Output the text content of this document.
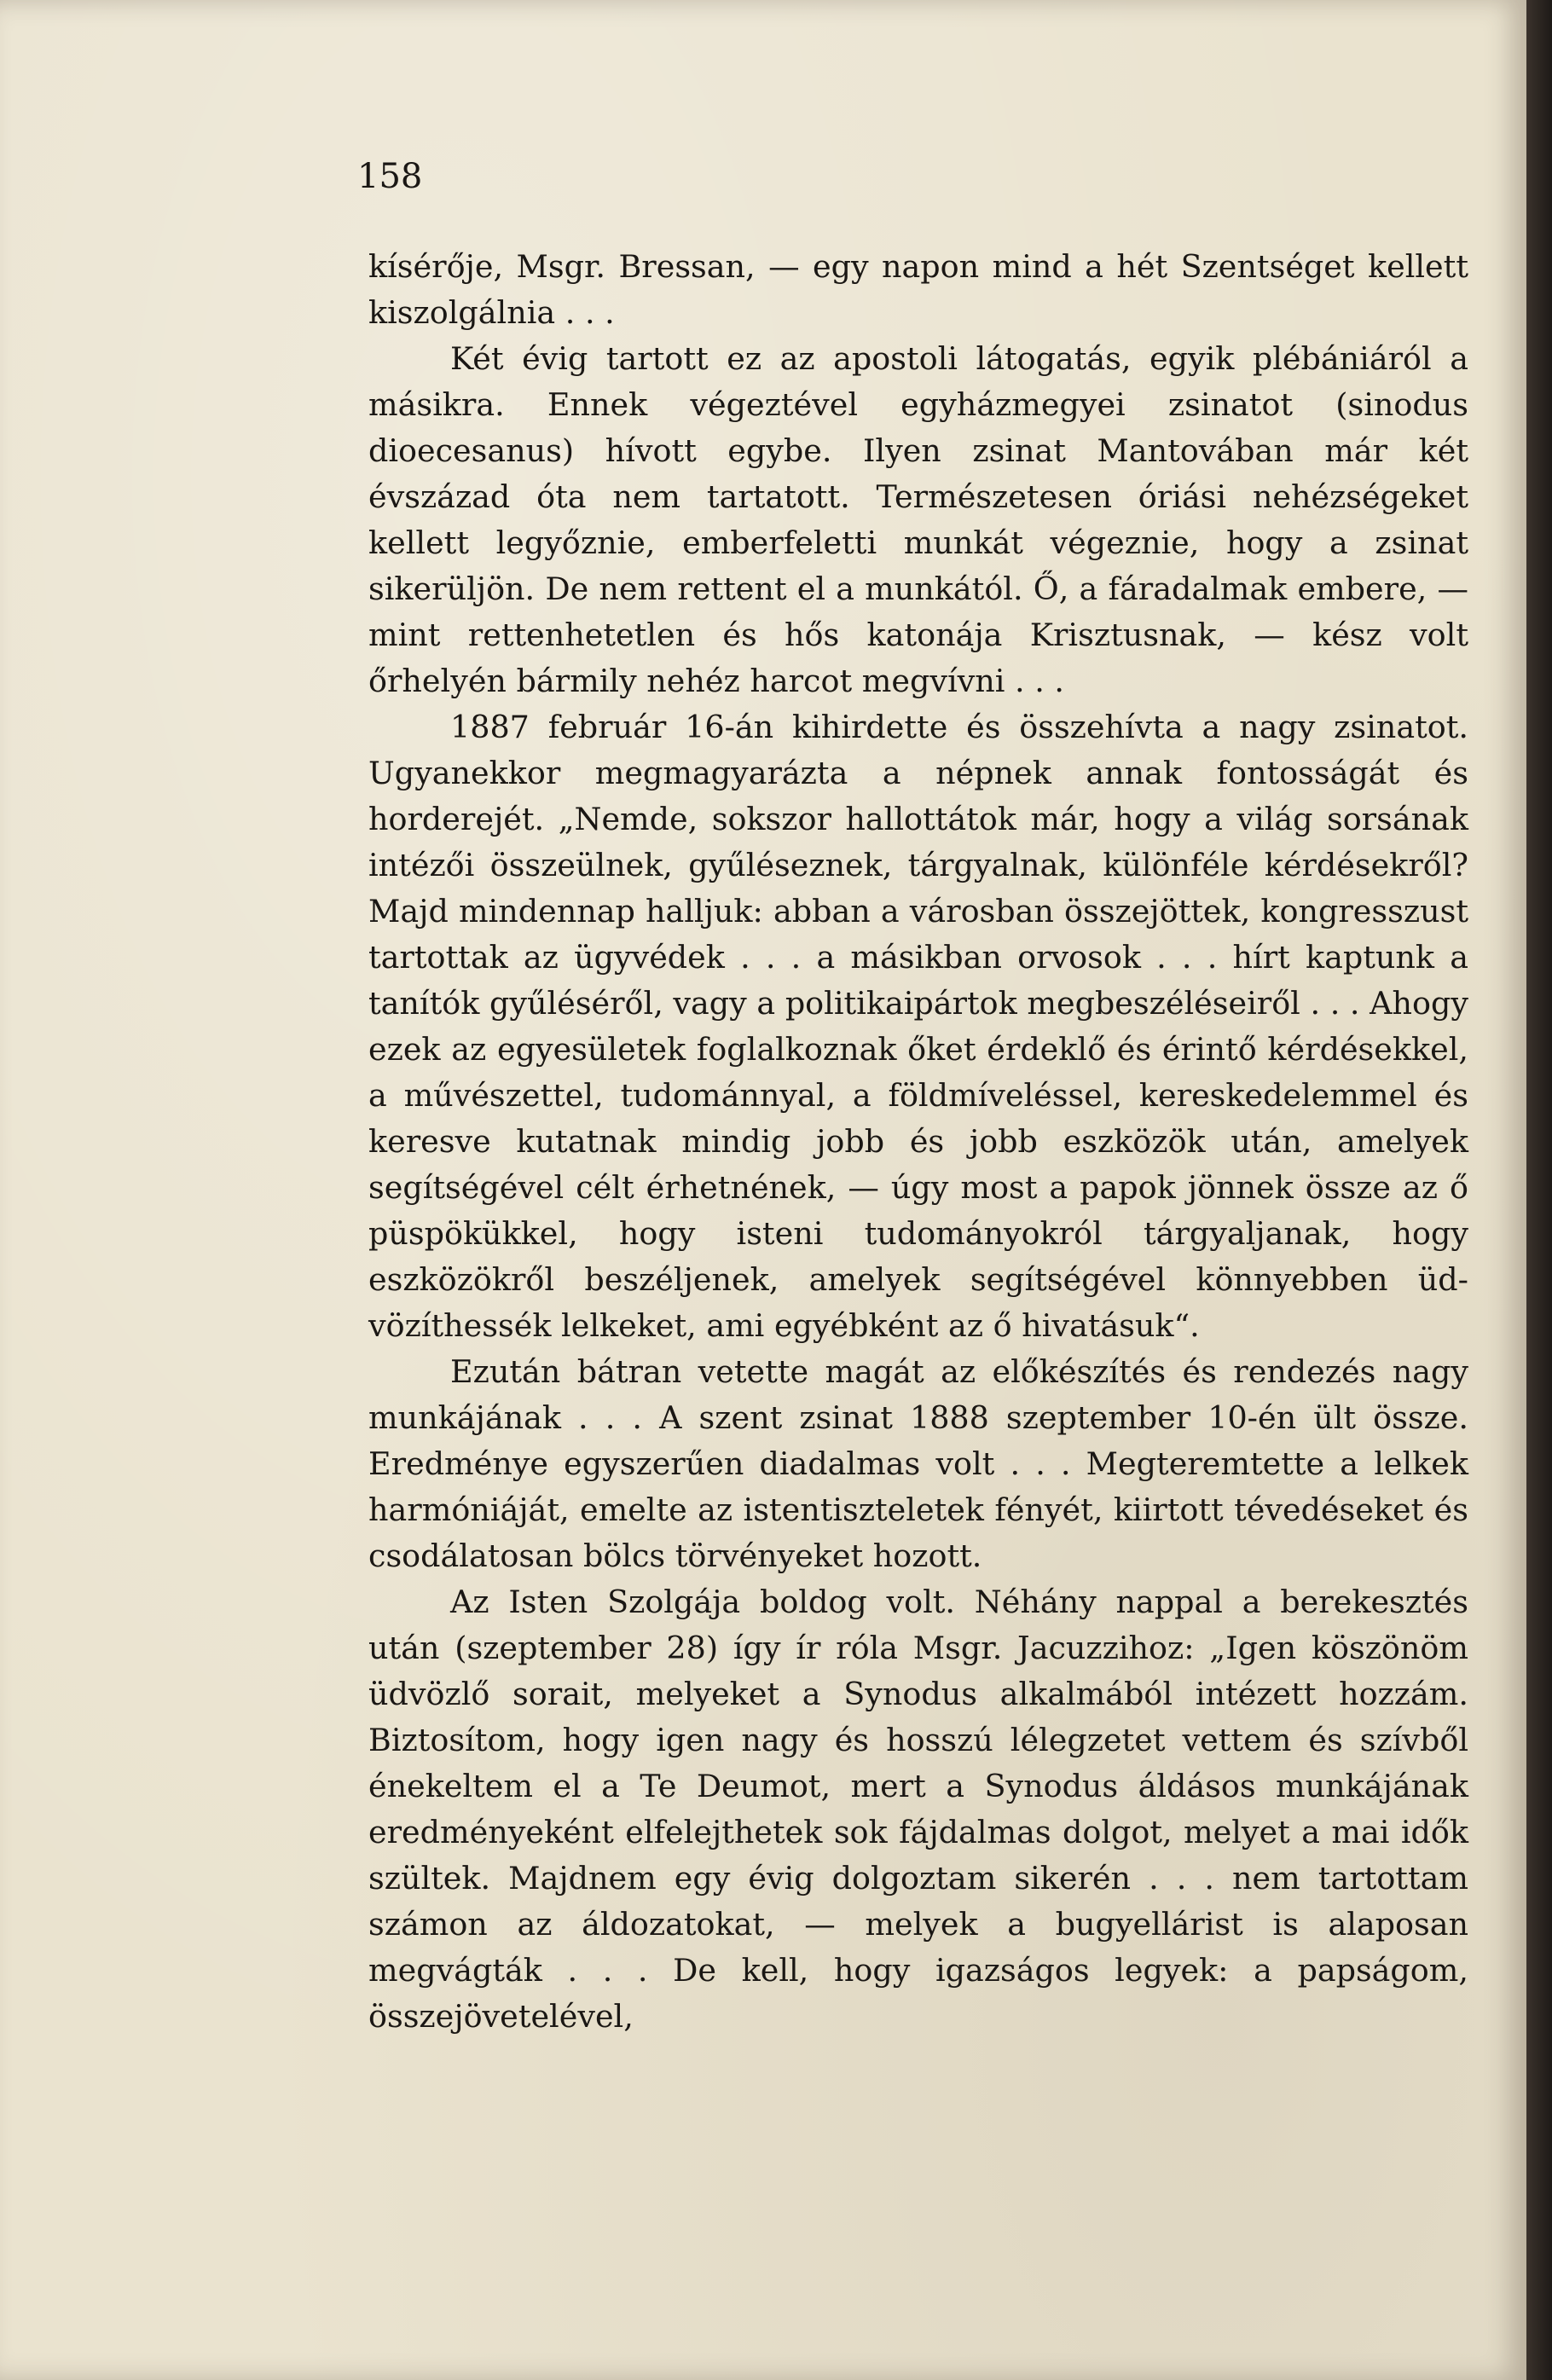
158

kísérője, Msgr. Bressan, — egy napon mind a hét Szentséget kellett kiszolgálnia . . .

Két évig tartott ez az apostoli látogatás, egyik plébániáról a másikra. Ennek végeztével egyházmegyei zsinatot (sinodus dioecesanus) hívott egybe. Ilyen zsinat Mantovában már két évszázad óta nem tartatott. Természetesen óriási nehézségeket kellett legyőznie, emberfeletti munkát végeznie, hogy a zsinat sikerüljön. De nem rettent el a munkától. Ő, a fáradalmak embere, — mint rettenhetetlen és hős katonája Krisztusnak, — kész volt őrhelyén bármily nehéz harcot megvívni . . .

1887 február 16-án kihirdette és összehívta a nagy zsinatot. Ugyanekkor megmagyarázta a népnek annak fontosságát és horderejét. „Nemde, sokszor hallottátok már, hogy a világ sorsának intézői összeülnek, gyűléseznek, tárgyalnak, különféle kérdésekről? Majd mindennap halljuk: abban a városban összejöttek, kongresszust tartottak az ügyvédek . . . a másikban orvosok . . . hírt kaptunk a tanítók gyűléséről, vagy a politikaipártok megbeszéléseiről . . . Ahogy ezek az egyesületek foglalkoznak őket érdeklő és érintő kérdésekkel, a művészettel, tudománnyal, a földmíveléssel, kereskedelemmel és keresve kutatnak mindig jobb és jobb eszközök után, amelyek segítségével célt érhetnének, — úgy most a papok jönnek össze az ő püspökükkel, hogy isteni tudományokról tárgyaljanak, hogy eszközökről beszéljenek, amelyek segítségével könnyebben üdvözíthessék lelkeket, ami egyébként az ő hivatásuk“.

Ezután bátran vetette magát az előkészítés és rendezés nagy munkájának . . . A szent zsinat 1888 szeptember 10-én ült össze. Eredménye egyszerűen diadalmas volt . . . Megteremtette a lelkek harmóniáját, emelte az istentiszteletek fényét, kiirtott tévedéseket és csodálatosan bölcs törvényeket hozott.

Az Isten Szolgája boldog volt. Néhány nappal a berekesztés után (szeptember 28) így ír róla Msgr. Jacuzzihoz: „Igen köszönöm üdvözlő sorait, melyeket a Synodus alkalmából intézett hozzám. Biztosítom, hogy igen nagy és hosszú lélegzetet vettem és szívből énekeltem el a Te Deumot, mert a Synodus áldásos munkájának eredményeként elfelejthetek sok fájdalmas dolgot, melyet a mai idők szültek. Majdnem egy évig dolgoztam sikerén . . . nem tartottam számon az áldozatokat, — melyek a bugyellárist is alaposan megvágták . . . De kell, hogy igazságos legyek: a papságom, összejövetelével,
